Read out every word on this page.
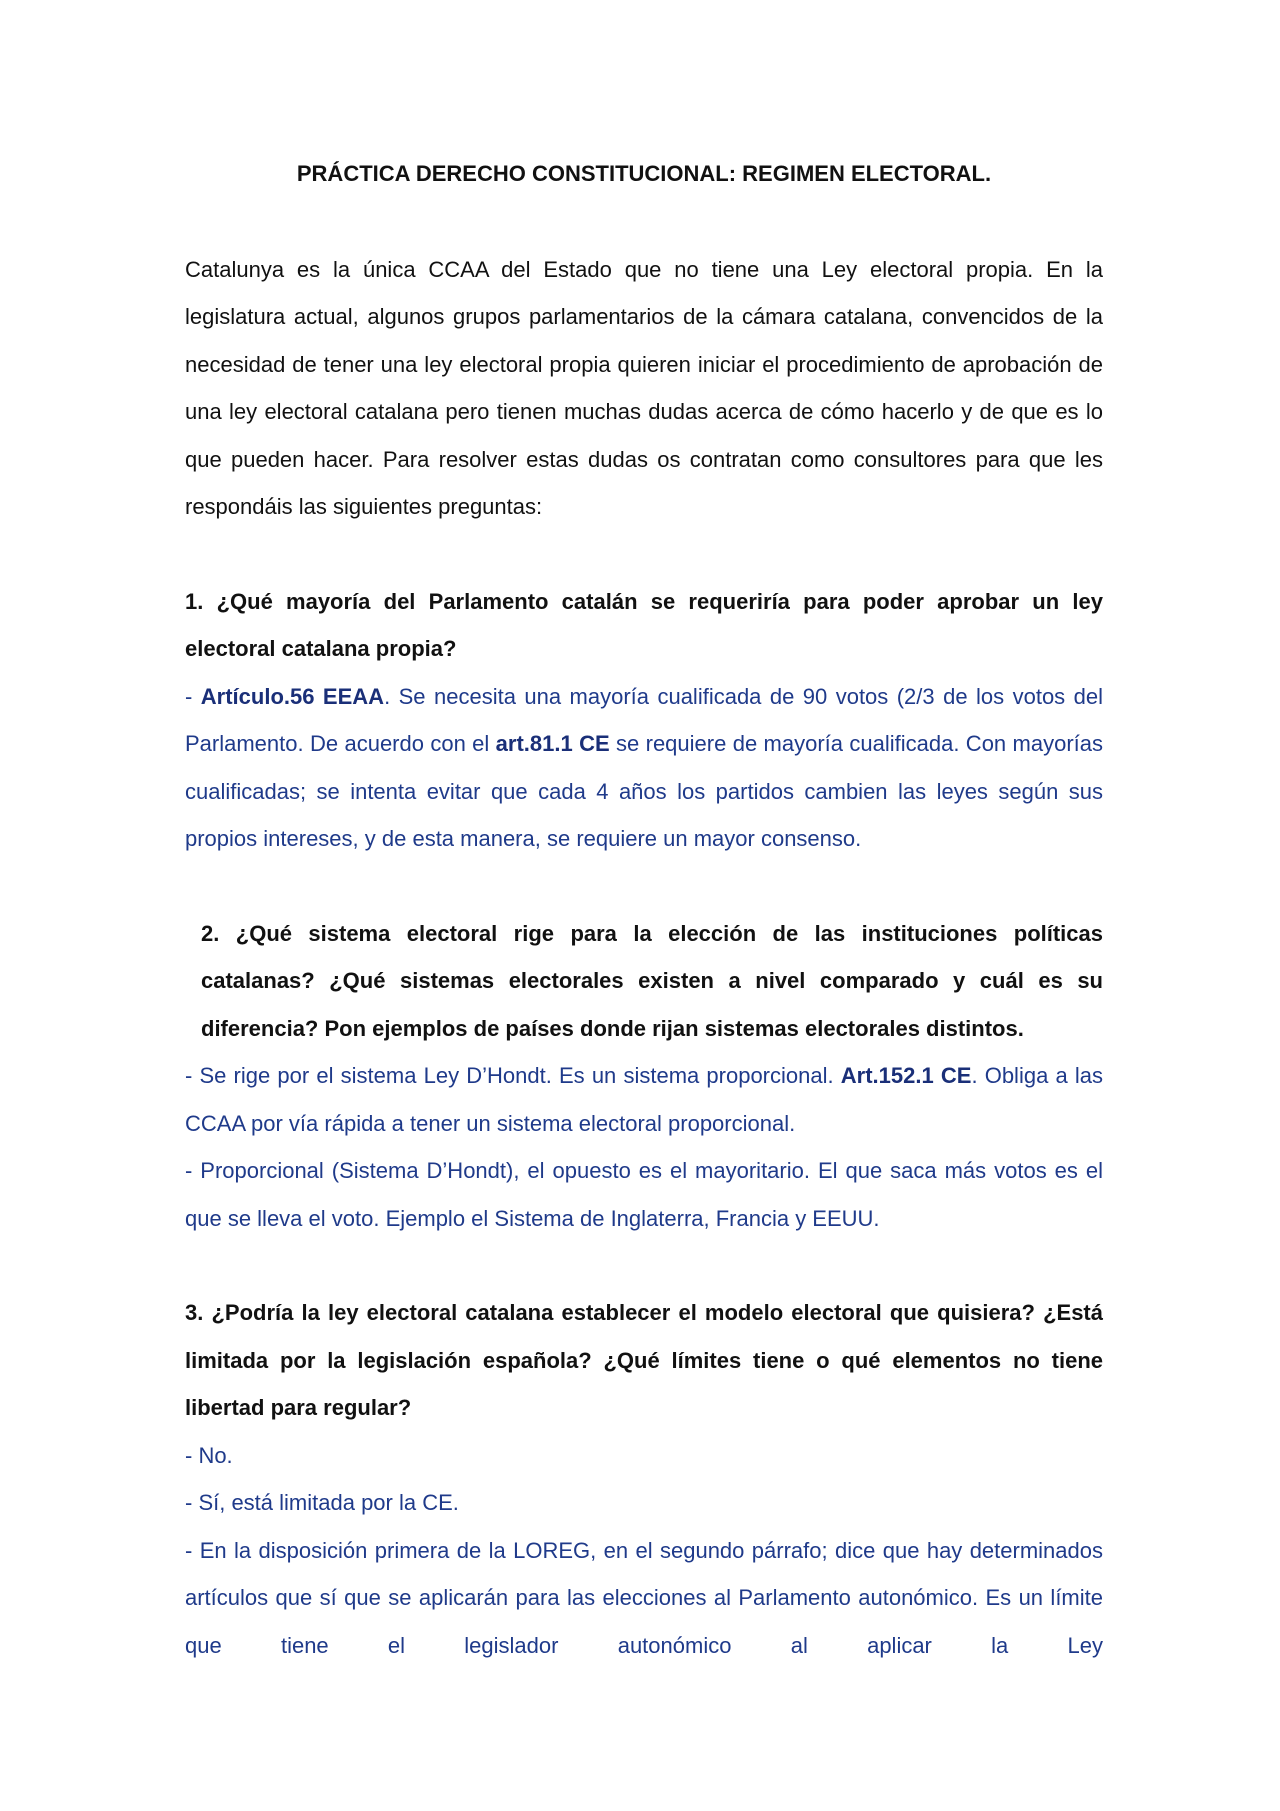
PRÁCTICA DERECHO CONSTITUCIONAL: REGIMEN ELECTORAL.

Catalunya es la única CCAA del Estado que no tiene una Ley electoral propia. En la legislatura actual, algunos grupos parlamentarios de la cámara catalana, convencidos de la necesidad de tener una ley electoral propia quieren iniciar el procedimiento de aprobación de una ley electoral catalana pero tienen muchas dudas acerca de cómo hacerlo y de que es lo que pueden hacer. Para resolver estas dudas os contratan como consultores para que les respondáis las siguientes preguntas:

1. ¿Qué mayoría del Parlamento catalán se requeriría para poder aprobar un ley electoral catalana propia?

- Artículo.56 EEAA. Se necesita una mayoría cualificada de 90 votos (2/3 de los votos del Parlamento. De acuerdo con el art.81.1 CE se requiere de mayoría cualificada. Con mayorías cualificadas; se intenta evitar que cada 4 años los partidos cambien las leyes según sus propios intereses, y de esta manera, se requiere un mayor consenso.

2. ¿Qué sistema electoral rige para la elección de las instituciones políticas catalanas? ¿Qué sistemas electorales existen a nivel comparado y cuál es su diferencia? Pon ejemplos de países donde rijan sistemas electorales distintos.

- Se rige por el sistema Ley D’Hondt. Es un sistema proporcional. Art.152.1 CE. Obliga a las CCAA por vía rápida a tener un sistema electoral proporcional.

- Proporcional (Sistema D’Hondt), el opuesto es el mayoritario. El que saca más votos es el que se lleva el voto. Ejemplo el Sistema de Inglaterra, Francia y EEUU.

3. ¿Podría la ley electoral catalana establecer el modelo electoral que quisiera? ¿Está limitada por la legislación española? ¿Qué límites tiene o qué elementos no tiene libertad para regular?

- No.

- Sí, está limitada por la CE.

- En la disposición primera de la LOREG, en el segundo párrafo; dice que hay determinados artículos que sí que se aplicarán para las elecciones al Parlamento autonómico. Es un límite que tiene el legislador autonómico al aplicar la Ley
